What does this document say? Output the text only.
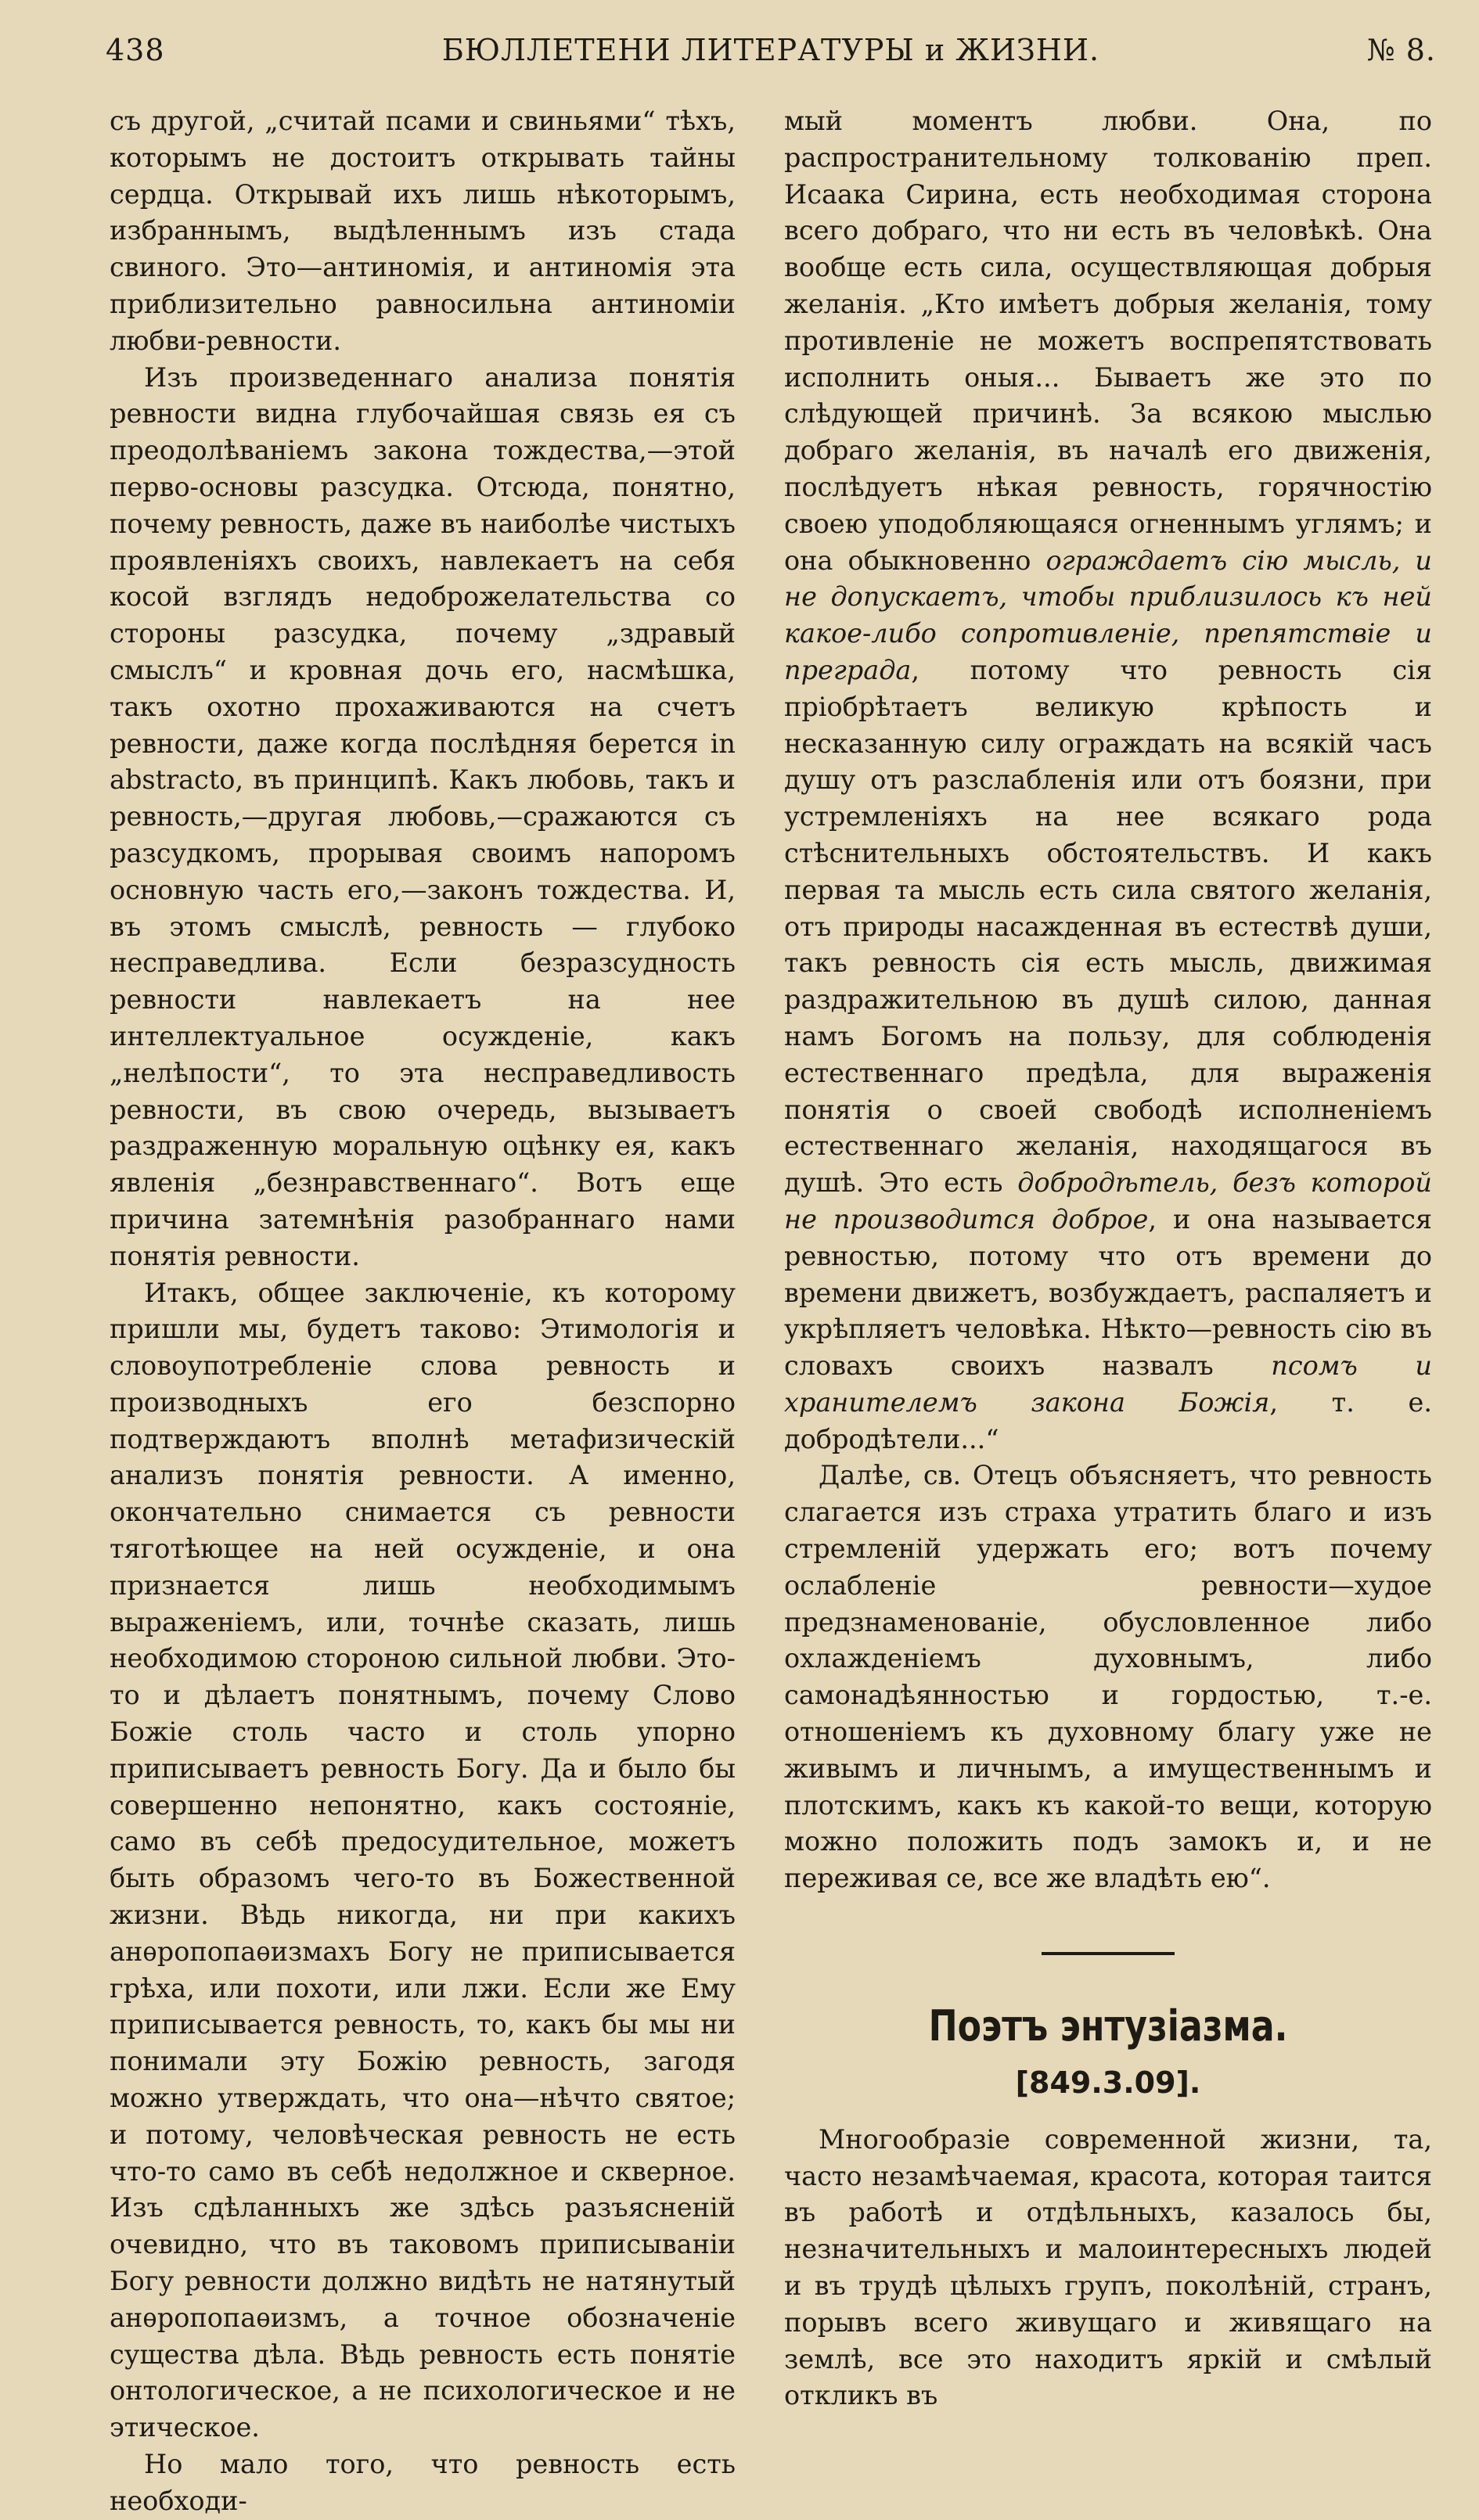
438	БЮЛЛЕТЕНИ ЛИТЕРАТУРЫ и ЖИЗНИ.	№ 8.

съ другой, „считай псами и свиньями“ тѣхъ, которымъ не достоитъ открывать тайны сердца. Открывай ихъ лишь нѣкоторымъ, избраннымъ, выдѣленнымъ изъ стада свиного. Это—антиномія, и антиномія эта приблизительно равносильна антиноміи любви-ревности.

Изъ произведеннаго анализа понятія ревности видна глубочайшая связь ея съ преодолѣваніемъ закона тождества,—этой перво-основы разсудка. Отсюда, понятно, почему ревность, даже въ наиболѣе чистыхъ проявленіяхъ своихъ, навлекаетъ на себя косой взглядъ недоброжелательства со стороны разсудка, почему „здравый смыслъ“ и кровная дочь его, насмѣшка, такъ охотно прохаживаются на счетъ ревности, даже когда послѣдняя берется in abstracto, въ принципѣ. Какъ любовь, такъ и ревность,—другая любовь,—сражаются съ разсудкомъ, прорывая своимъ напоромъ основную часть его,—законъ тождества. И, въ этомъ смыслѣ, ревность — глубоко несправедлива. Если безразсудность ревности навлекаетъ на нее интеллектуальное осужденіе, какъ „нелѣпости“, то эта несправедливость ревности, въ свою очередь, вызываетъ раздраженную моральную оцѣнку ея, какъ явленія „безнравственнаго“. Вотъ еще причина затемнѣнія разобраннаго нами понятія ревности.

Итакъ, общее заключеніе, къ которому пришли мы, будетъ таково: Этимологія и словоупотребленіе слова ревность и производныхъ его безспорно подтверждаютъ вполнѣ метафизическій анализъ понятія ревности. А именно, окончательно снимается съ ревности тяготѣющее на ней осужденіе, и она признается лишь необходимымъ выраженіемъ, или, точнѣе сказать, лишь необходимою стороною сильной любви. Это-то и дѣлаетъ понятнымъ, почему Слово Божіе столь часто и столь упорно приписываетъ ревность Богу. Да и было бы совершенно непонятно, какъ состояніе, само въ себѣ предосудительное, можетъ быть образомъ чего-то въ Божественной жизни. Вѣдь никогда, ни при какихъ анѳропопаѳизмахъ Богу не приписывается грѣха, или похоти, или лжи. Если же Ему приписывается ревность, то, какъ бы мы ни понимали эту Божію ревность, загодя можно утверждать, что она—нѣчто святое; и потому, человѣческая ревность не есть что-то само въ себѣ недолжное и скверное. Изъ сдѣланныхъ же здѣсь разъясненій очевидно, что въ таковомъ приписываніи Богу ревности должно видѣть не натянутый анѳропопаѳизмъ, а точное обозначеніе существа дѣла. Вѣдь ревность есть понятіе онтологическое, а не психологическое и не этическое.

Но мало того, что ревность есть необходи-

мый моментъ любви. Она, по распространительному толкованію преп. Исаака Сирина, есть необходимая сторона всего добраго, что ни есть въ человѣкѣ. Она вообще есть сила, осуществляющая добрыя желанія. „Кто имѣетъ добрыя желанія, тому противленіе не можетъ воспрепятствовать исполнить оныя... Бываетъ же это по слѣдующей причинѣ. За всякою мыслью добраго желанія, въ началѣ его движенія, послѣдуетъ нѣкая ревность, горячностію своею уподобляющаяся огненнымъ углямъ; и она обыкновенно ограждаетъ сію мысль, и не допускаетъ, чтобы приблизилось къ ней какое-либо сопротивленіе, препятствіе и преграда, потому что ревность сія пріобрѣтаетъ великую крѣпость и несказанную силу ограждать на всякій часъ душу отъ разслабленія или отъ боязни, при устремленіяхъ на нее всякаго рода стѣснительныхъ обстоятельствъ. И какъ первая та мысль есть сила святого желанія, отъ природы насажденная въ естествѣ души, такъ ревность сія есть мысль, движимая раздражительною въ душѣ силою, данная намъ Богомъ на пользу, для соблюденія естественнаго предѣла, для выраженія понятія о своей свободѣ исполненіемъ естественнаго желанія, находящагося въ душѣ. Это есть добродѣтель, безъ которой не производится доброе, и она называется ревностью, потому что отъ времени до времени движетъ, возбуждаетъ, распаляетъ и укрѣпляетъ человѣка. Нѣкто—ревность сію въ словахъ своихъ назвалъ псомъ и хранителемъ закона Божія, т. е. добродѣтели...“

Далѣе, св. Отецъ объясняетъ, что ревность слагается изъ страха утратить благо и изъ стремленій удержать его; вотъ почему ослабленіе ревности—худое предзнаменованіе, обусловленное либо охлажденіемъ духовнымъ, либо самонадѣянностью и гордостью, т.-е. отношеніемъ къ духовному благу уже не живымъ и личнымъ, а имущественнымъ и плотскимъ, какъ къ какой-то вещи, которую можно положить подъ замокъ и, и не переживая се, все же владѣть ею“.

Поэтъ энтузіазма.
[849.3.09].

Многообразіе современной жизни, та, часто незамѣчаемая, красота, которая таится въ работѣ и отдѣльныхъ, казалось бы, незначительныхъ и малоинтересныхъ людей и въ трудѣ цѣлыхъ групъ, поколѣній, странъ, порывъ всего живущаго и живящаго на землѣ, все это находитъ яркій и смѣлый откликъ въ
